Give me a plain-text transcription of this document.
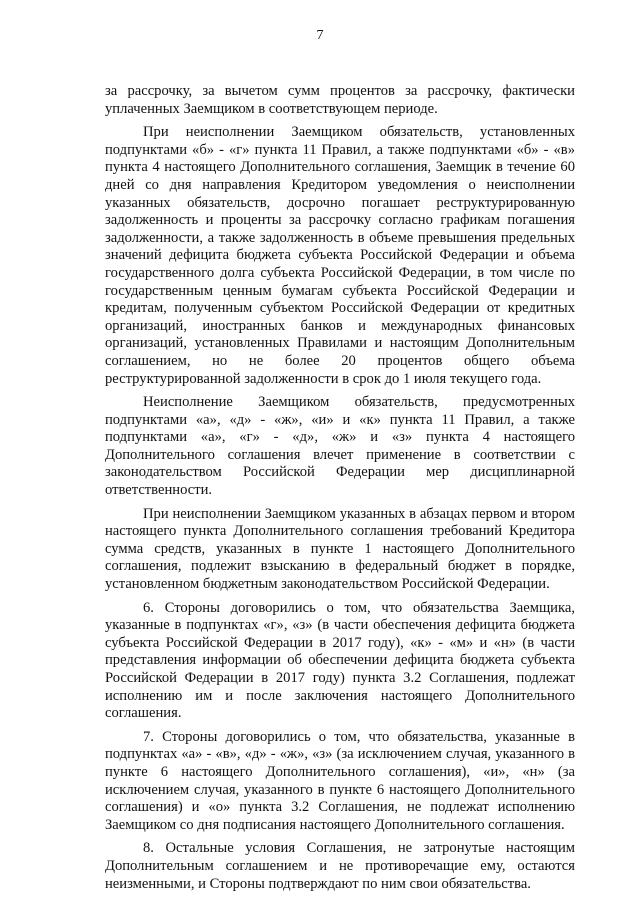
7

за рассрочку, за вычетом сумм процентов за рассрочку, фактически уплаченных Заемщиком в соответствующем периоде.

При неисполнении Заемщиком обязательств, установленных подпунктами «б» - «г» пункта 11 Правил, а также подпунктами «б» - «в» пункта 4 настоящего Дополнительного соглашения, Заемщик в течение 60 дней со дня направления Кредитором уведомления о неисполнении указанных обязательств, досрочно погашает реструктурированную задолженность и проценты за рассрочку согласно графикам погашения задолженности, а также задолженность в объеме превышения предельных значений дефицита бюджета субъекта Российской Федерации и объема государственного долга субъекта Российской Федерации, в том числе по государственным ценным бумагам субъекта Российской Федерации и кредитам, полученным субъектом Российской Федерации от кредитных организаций, иностранных банков и международных финансовых организаций, установленных Правилами и настоящим Дополнительным соглашением, но не более 20 процентов общего объема реструктурированной задолженности в срок до 1 июля текущего года.

Неисполнение Заемщиком обязательств, предусмотренных подпунктами «а», «д» - «ж», «и» и «к» пункта 11 Правил, а также подпунктами «а», «г» - «д», «ж» и «з» пункта 4 настоящего Дополнительного соглашения влечет применение в соответствии с законодательством Российской Федерации мер дисциплинарной ответственности.

При неисполнении Заемщиком указанных в абзацах первом и втором настоящего пункта Дополнительного соглашения требований Кредитора сумма средств, указанных в пункте 1 настоящего Дополнительного соглашения, подлежит взысканию в федеральный бюджет в порядке, установленном бюджетным законодательством Российской Федерации.

6. Стороны договорились о том, что обязательства Заемщика, указанные в подпунктах «г», «з» (в части обеспечения дефицита бюджета субъекта Российской Федерации в 2017 году), «к» - «м» и «н» (в части представления информации об обеспечении дефицита бюджета субъекта Российской Федерации в 2017 году) пункта 3.2 Соглашения, подлежат исполнению им и после заключения настоящего Дополнительного соглашения.

7. Стороны договорились о том, что обязательства, указанные в подпунктах «а» - «в», «д» - «ж», «з» (за исключением случая, указанного в пункте 6 настоящего Дополнительного соглашения), «и», «н» (за исключением случая, указанного в пункте 6 настоящего Дополнительного соглашения) и «о» пункта 3.2 Соглашения, не подлежат исполнению Заемщиком со дня подписания настоящего Дополнительного соглашения.

8. Остальные условия Соглашения, не затронутые настоящим Дополнительным соглашением и не противоречащие ему, остаются неизменными, и Стороны подтверждают по ним свои обязательства.
